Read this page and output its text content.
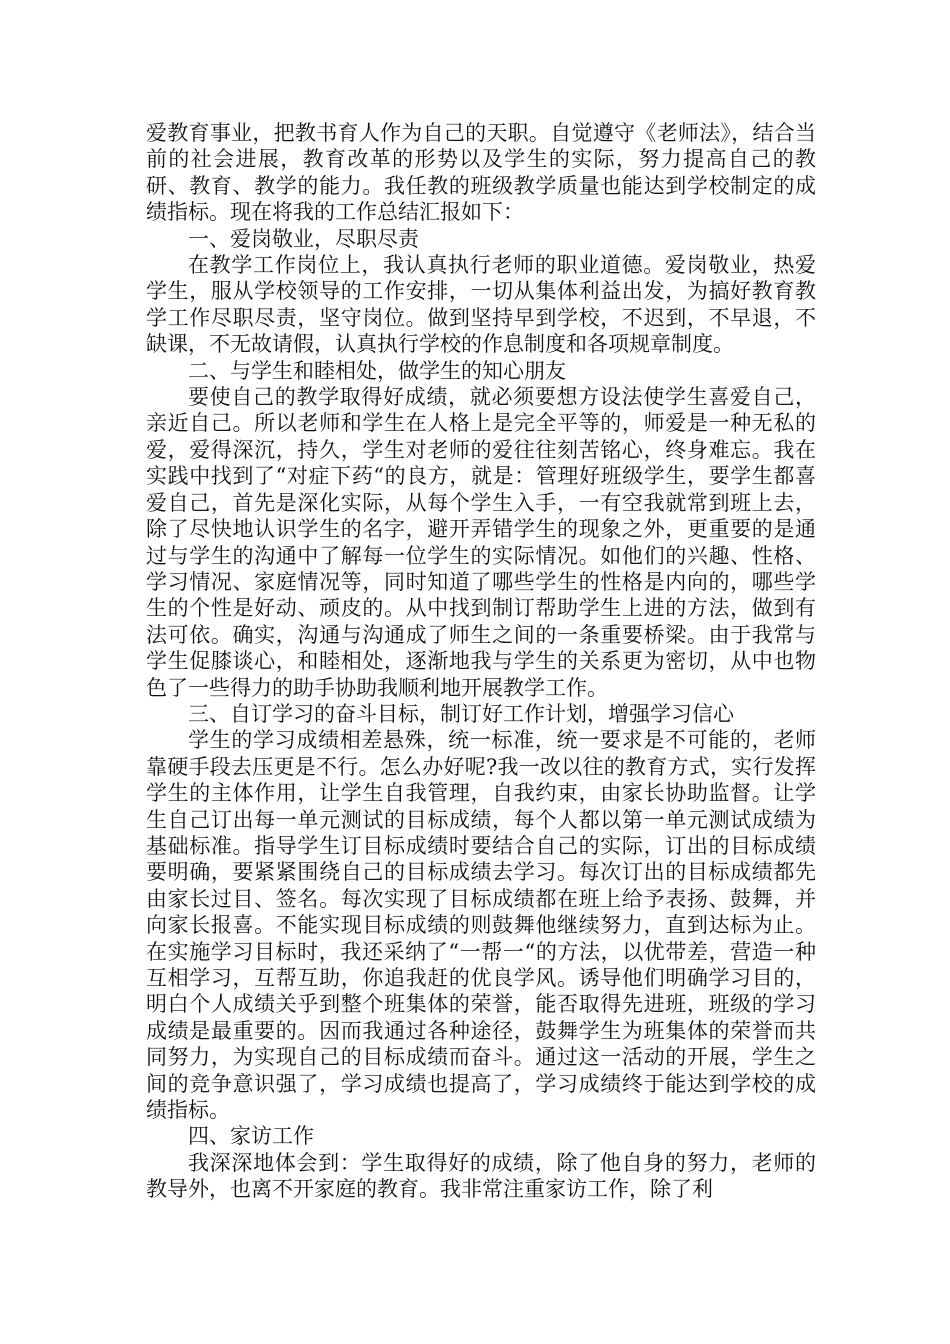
爱教育事业，把教书育人作为自己的天职。自觉遵守《老师法》，结合当前的社会进展，教育改革的形势以及学生的实际，努力提高自己的教研、教育、教学的能力。我任教的班级教学质量也能达到学校制定的成绩指标。现在将我的工作总结汇报如下：

一、爱岗敬业，尽职尽责

在教学工作岗位上，我认真执行老师的职业道德。爱岗敬业，热爱学生，服从学校领导的工作安排，一切从集体利益出发，为搞好教育教学工作尽职尽责，坚守岗位。做到坚持早到学校，不迟到，不早退，不缺课，不无故请假，认真执行学校的作息制度和各项规章制度。

二、与学生和睦相处，做学生的知心朋友

要使自己的教学取得好成绩，就必须要想方设法使学生喜爱自己，亲近自己。所以老师和学生在人格上是完全平等的，师爱是一种无私的爱，爱得深沉，持久，学生对老师的爱往往刻苦铭心，终身难忘。我在实践中找到了“对症下药“的良方，就是：管理好班级学生，要学生都喜爱自己，首先是深化实际，从每个学生入手，一有空我就常到班上去，除了尽快地认识学生的名字，避开弄错学生的现象之外，更重要的是通过与学生的沟通中了解每一位学生的实际情况。如他们的兴趣、性格、学习情况、家庭情况等，同时知道了哪些学生的性格是内向的，哪些学生的个性是好动、顽皮的。从中找到制订帮助学生上进的方法，做到有法可依。确实，沟通与沟通成了师生之间的一条重要桥梁。由于我常与学生促膝谈心，和睦相处，逐渐地我与学生的关系更为密切，从中也物色了一些得力的助手协助我顺利地开展教学工作。

三、自订学习的奋斗目标，制订好工作计划，增强学习信心

学生的学习成绩相差悬殊，统一标准，统一要求是不可能的，老师靠硬手段去压更是不行。怎么办好呢?我一改以往的教育方式，实行发挥学生的主体作用，让学生自我管理，自我约束，由家长协助监督。让学生自己订出每一单元测试的目标成绩，每个人都以第一单元测试成绩为基础标准。指导学生订目标成绩时要结合自己的实际，订出的目标成绩要明确，要紧紧围绕自己的目标成绩去学习。每次订出的目标成绩都先由家长过目、签名。每次实现了目标成绩都在班上给予表扬、鼓舞，并向家长报喜。不能实现目标成绩的则鼓舞他继续努力，直到达标为止。在实施学习目标时，我还采纳了“一帮一“的方法，以优带差，营造一种互相学习，互帮互助，你追我赶的优良学风。诱导他们明确学习目的，明白个人成绩关乎到整个班集体的荣誉，能否取得先进班，班级的学习成绩是最重要的。因而我通过各种途径，鼓舞学生为班集体的荣誉而共同努力，为实现自己的目标成绩而奋斗。通过这一活动的开展，学生之间的竞争意识强了，学习成绩也提高了，学习成绩终于能达到学校的成绩指标。

四、家访工作

我深深地体会到：学生取得好的成绩，除了他自身的努力，老师的教导外，也离不开家庭的教育。我非常注重家访工作，除了利
